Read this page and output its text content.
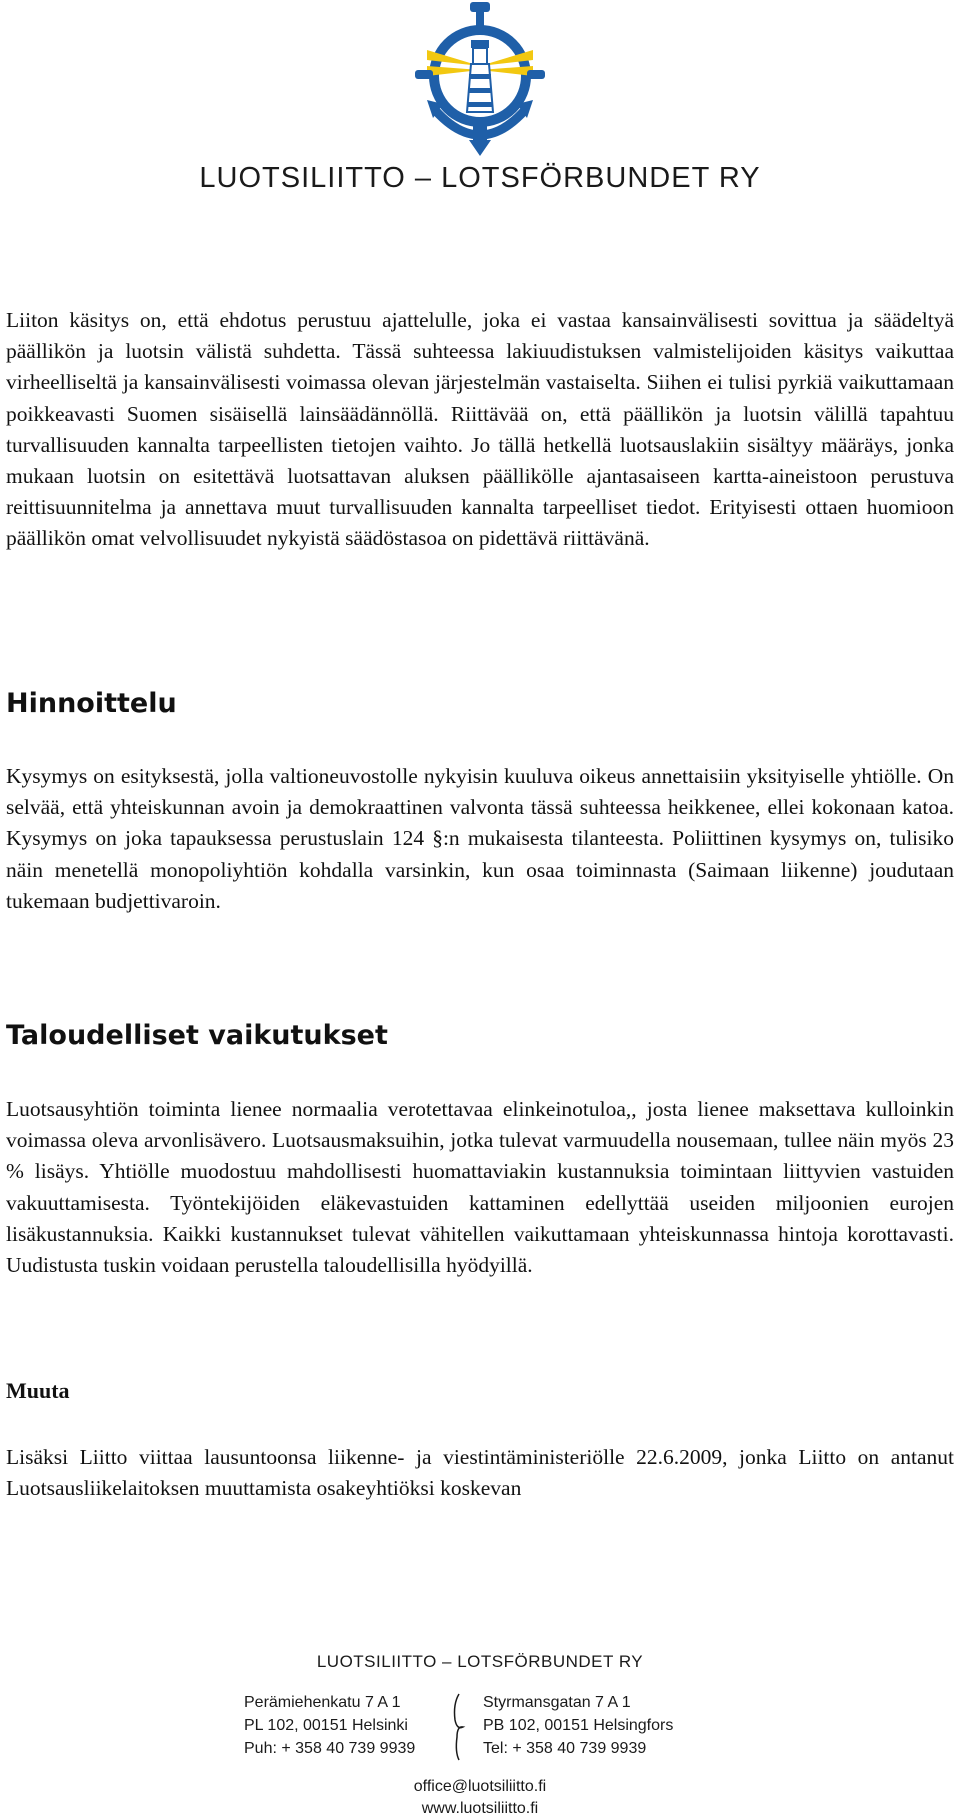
LUOTSILIITTO – LOTSFÖRBUNDET RY

Liiton käsitys on, että ehdotus perustuu ajattelulle, joka ei vastaa kansainvälisesti sovittua ja säädeltyä päällikön ja luotsin välistä suhdetta. Tässä suhteessa lakiuudistuksen valmistelijoiden käsitys vaikuttaa virheelliseltä ja kansainvälisesti voimassa olevan järjestelmän vastaiselta. Siihen ei tulisi pyrkiä vaikuttamaan poikkeavasti Suomen sisäisellä lainsäädännöllä. Riittävää on, että päällikön ja luotsin välillä tapahtuu turvallisuuden kannalta tarpeellisten tietojen vaihto. Jo tällä hetkellä luotsauslakiin sisältyy määräys, jonka mukaan luotsin on esitettävä luotsattavan aluksen päällikölle ajantasaiseen kartta-aineistoon perustuva reittisuunnitelma ja annettava muut turvallisuuden kannalta tarpeelliset tiedot. Erityisesti ottaen huomioon päällikön omat velvollisuudet nykyistä säädöstasoa on pidettävä riittävänä.

Hinnoittelu

Kysymys on esityksestä, jolla valtioneuvostolle nykyisin kuuluva oikeus annettaisiin yksityiselle yhtiölle. On selvää, että yhteiskunnan avoin ja demokraattinen valvonta tässä suhteessa heikkenee, ellei kokonaan katoa. Kysymys on joka tapauksessa perustuslain 124 §:n mukaisesta tilanteesta. Poliittinen kysymys on, tulisiko näin menetellä monopoliyhtiön kohdalla varsinkin, kun osaa toiminnasta (Saimaan liikenne) joudutaan tukemaan budjettivaroin.

Taloudelliset vaikutukset

Luotsausyhtiön toiminta lienee normaalia verotettavaa elinkeinotuloa,, josta lienee maksettava kulloinkin voimassa oleva arvonlisävero. Luotsausmaksuihin, jotka tulevat varmuudella nousemaan, tullee näin myös 23 % lisäys. Yhtiölle muodostuu mahdollisesti huomattaviakin kustannuksia toimintaan liittyvien vastuiden vakuuttamisesta. Työntekijöiden eläkevastuiden kattaminen edellyttää useiden miljoonien eurojen lisäkustannuksia. Kaikki kustannukset tulevat vähitellen vaikuttamaan yhteiskunnassa hintoja korottavasti. Uudistusta tuskin voidaan perustella taloudellisilla hyödyillä.

Muuta

Lisäksi Liitto viittaa lausuntoonsa liikenne- ja viestintäministeriölle 22.6.2009, jonka Liitto on antanut Luotsausliikelaitoksen muuttamista osakeyhtiöksi koskevan

LUOTSILIITTO – LOTSFÖRBUNDET RY
Perämiehenkatu 7 A 1
PL 102, 00151 Helsinki
Puh: + 358 40 739 9939
Styrmansgatan 7 A 1
PB 102, 00151 Helsingfors
Tel: + 358 40 739 9939
office@luotsiliitto.fi
www.luotsiliitto.fi
